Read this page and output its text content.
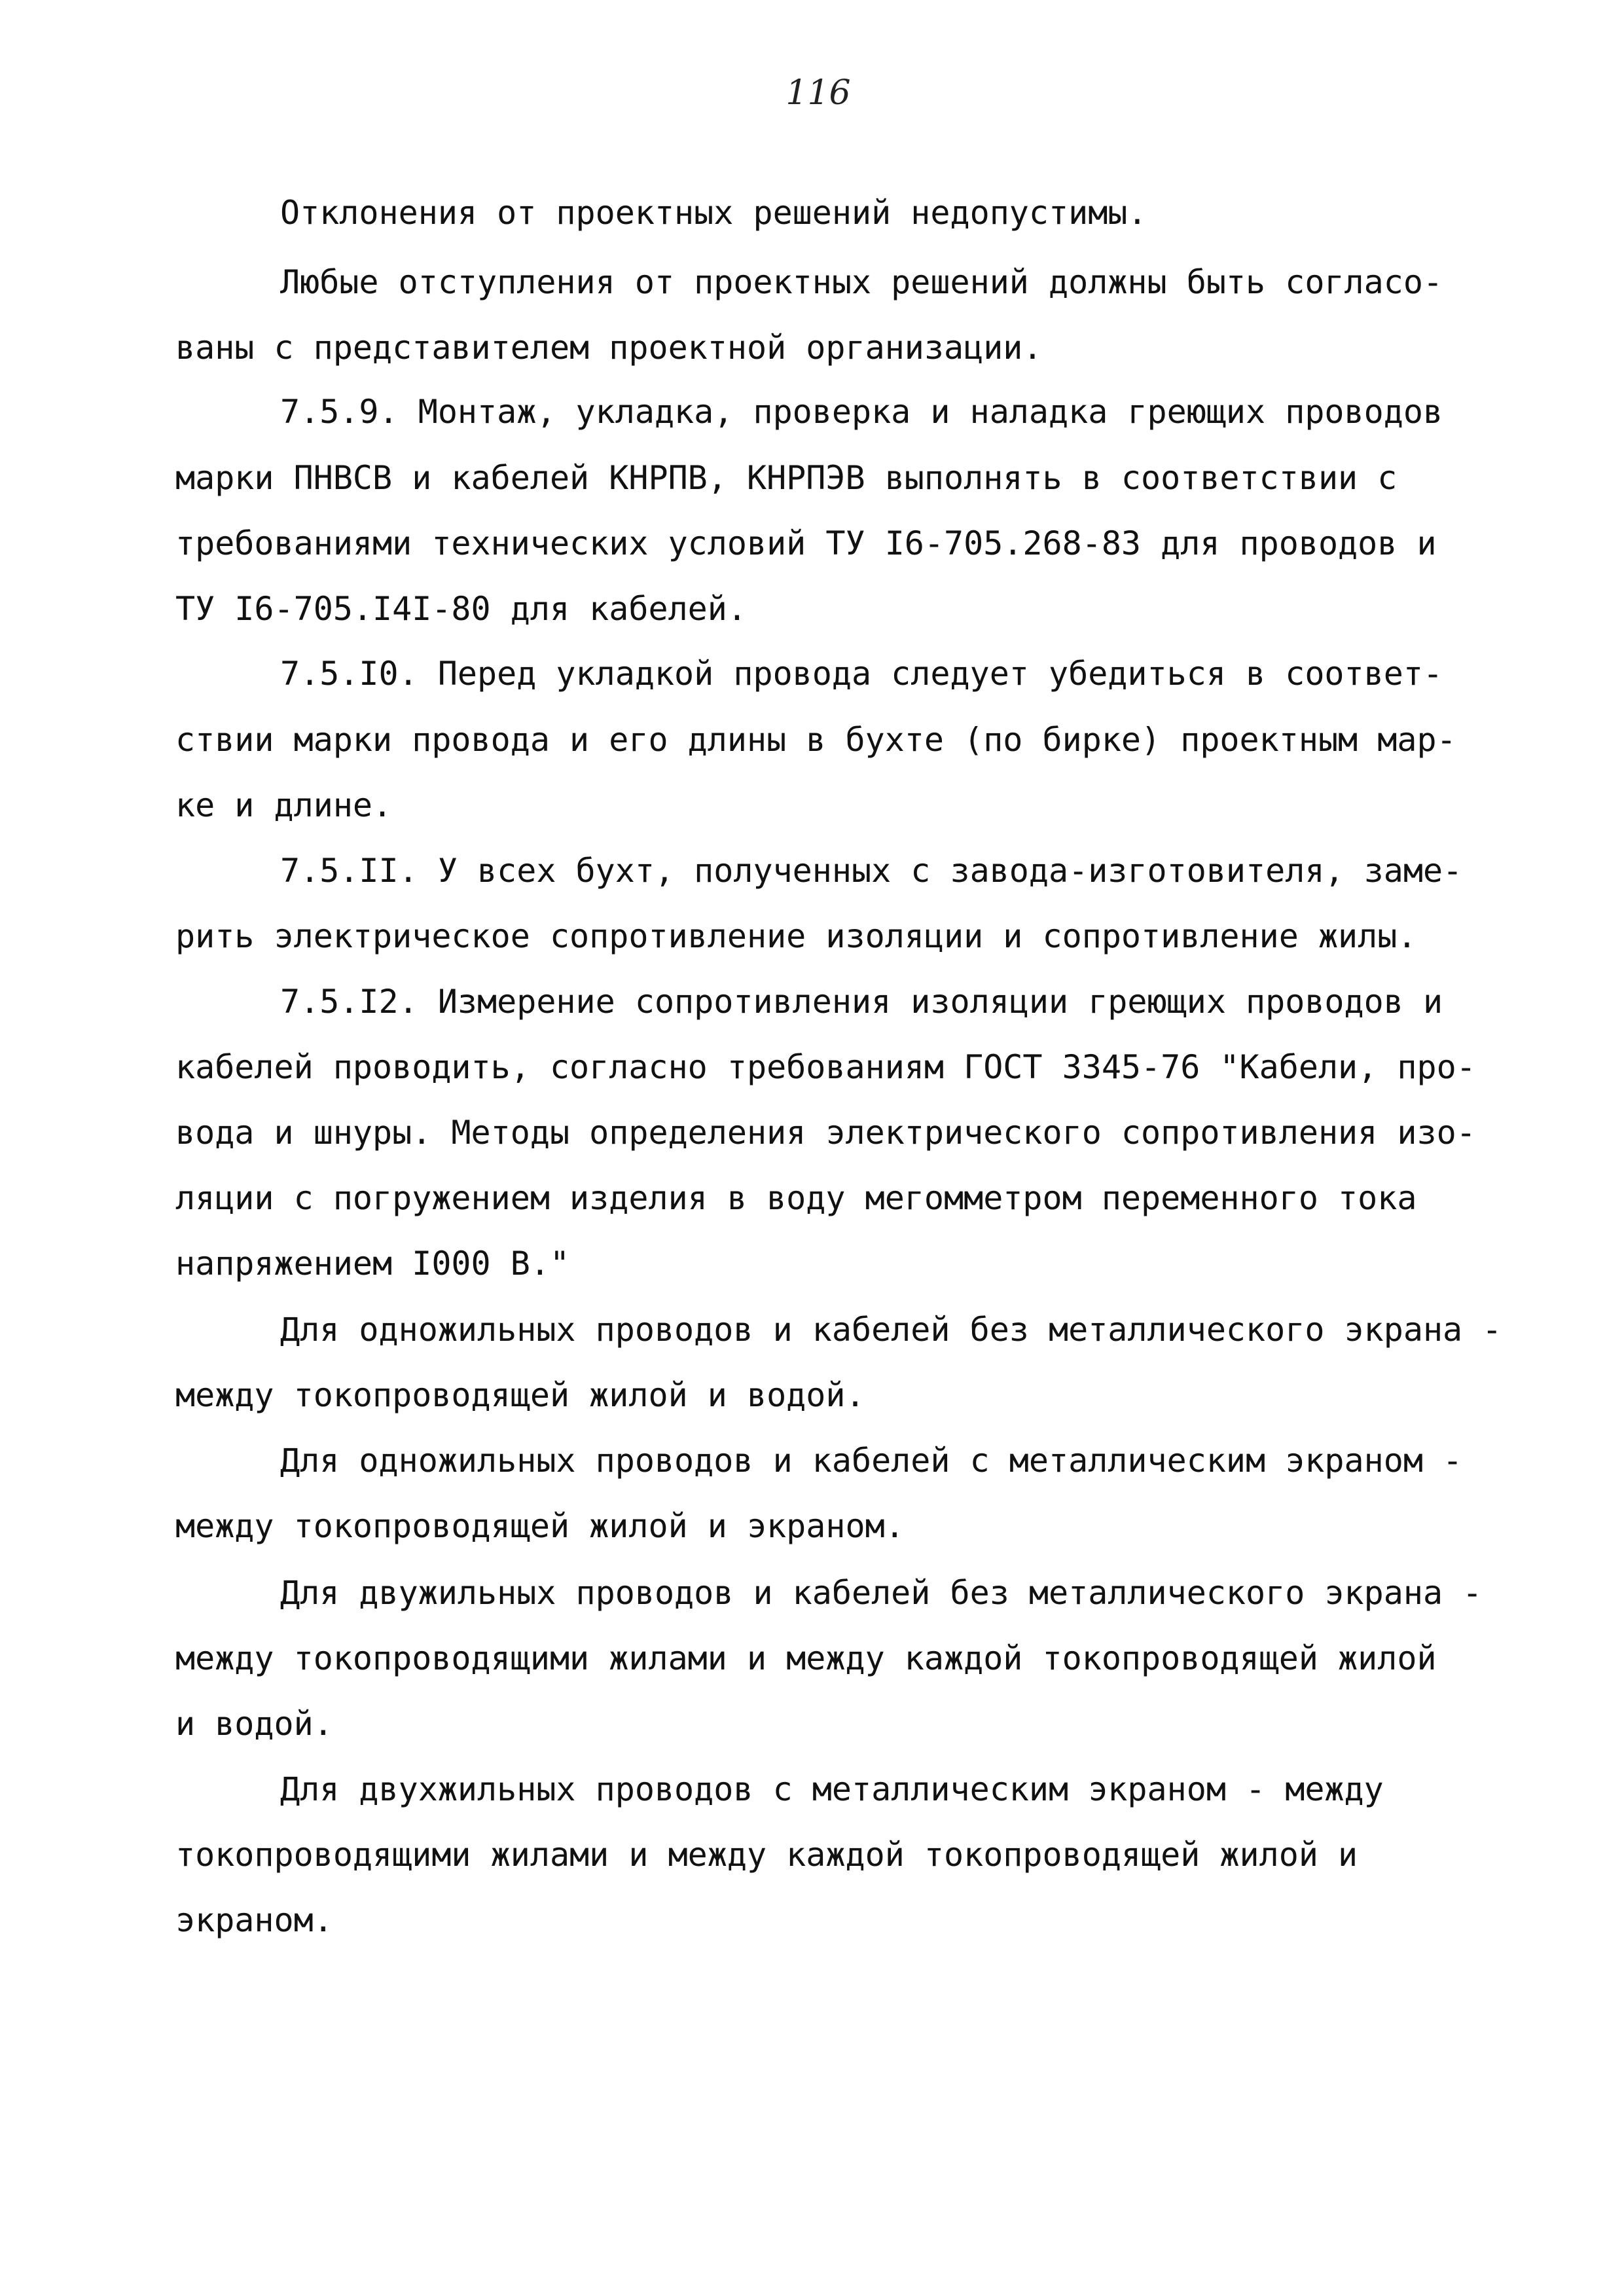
116
Отклонения от проектных решений недопустимы.
Любые отступления от проектных решений должны быть согласо-
ваны с представителем проектной организации.
7.5.9. Монтаж, укладка, проверка и наладка греющих проводов
марки ПНВСВ и кабелей КНРПВ, КНРПЭВ выполнять в соответствии с
требованиями технических условий ТУ I6-705.268-83 для проводов и
ТУ I6-705.I4I-80 для кабелей.
7.5.I0. Перед укладкой провода следует убедиться в соответ-
ствии марки провода и его длины в бухте (по бирке) проектным мар-
ке и длине.
7.5.II. У всех бухт, полученных с завода-изготовителя, заме-
рить электрическое сопротивление изоляции и сопротивление жилы.
7.5.I2. Измерение сопротивления изоляции греющих проводов и
кабелей проводить, согласно требованиям ГОСТ 3345-76 "Кабели, про-
вода и шнуры. Методы определения электрического сопротивления изо-
ляции с погружением изделия в воду мегомметром переменного тока
напряжением I000 В."
Для одножильных проводов и кабелей без металлического экрана -
между токопроводящей жилой и водой.
Для одножильных проводов и кабелей с металлическим экраном -
между токопроводящей жилой и экраном.
Для двужильных проводов и кабелей без металлического экрана -
между токопроводящими жилами и между каждой токопроводящей жилой
и водой.
Для двухжильных проводов с металлическим экраном - между
токопроводящими жилами и между каждой токопроводящей жилой и
экраном.
